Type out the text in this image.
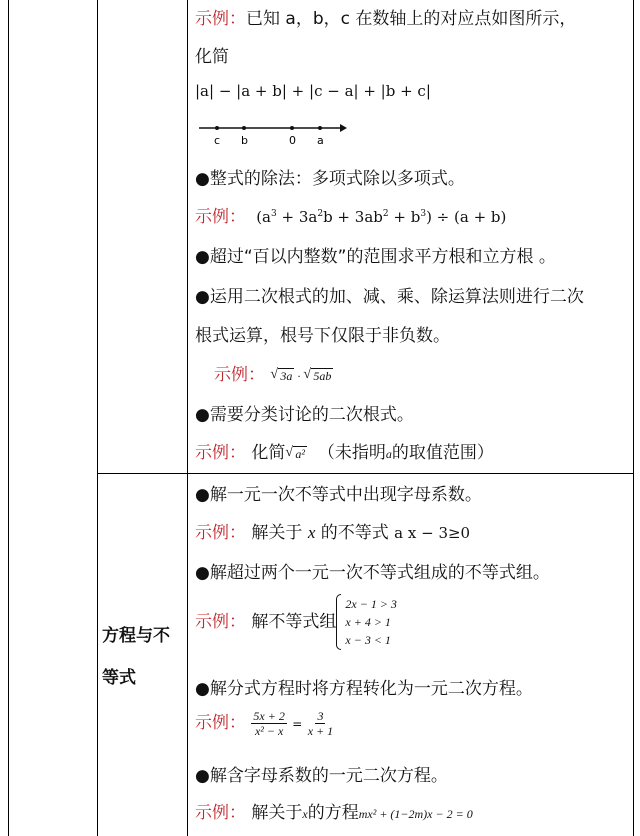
方程与不
等式
示例：已知 a，b，c 在数轴上的对应点如图所示，
化简
|a| − |a + b| + |c − a| + |b + c|
c b	0 a
●整式的除法：多项式除以多项式。
示例： $(a^3 + 3a^2b + 3ab^2 + b^3) \div (a + b)$
●超过“百以内整数”的范围求平方根和立方根 。
●运用二次根式的加、减、乘、除运算法则进行二次
根式运算，根号下仅限于非负数。
示例： √ 3a · √ 5ab
●需要分类讨论的二次根式。
示例： 化简 √ a² （未指明a的取值范围）
●解一元一次不等式中出现字母系数。
示例： 解关于 x 的不等式 a x − 3≥0
●解超过两个一元一次不等式组成的不等式组。
示例： 解不等式组
2x − 1 > 3
x + 4 > 1
x − 3 < 1
●解分式方程时将方程转化为一元二次方程。
示例： $\frac{5x + 2}{\text{x² − x}} = \frac{3}{x + 1}$
●解含字母系数的一元二次方程。
示例： 解关于x的方程mx² + (1−2m)x − 2 = 0
